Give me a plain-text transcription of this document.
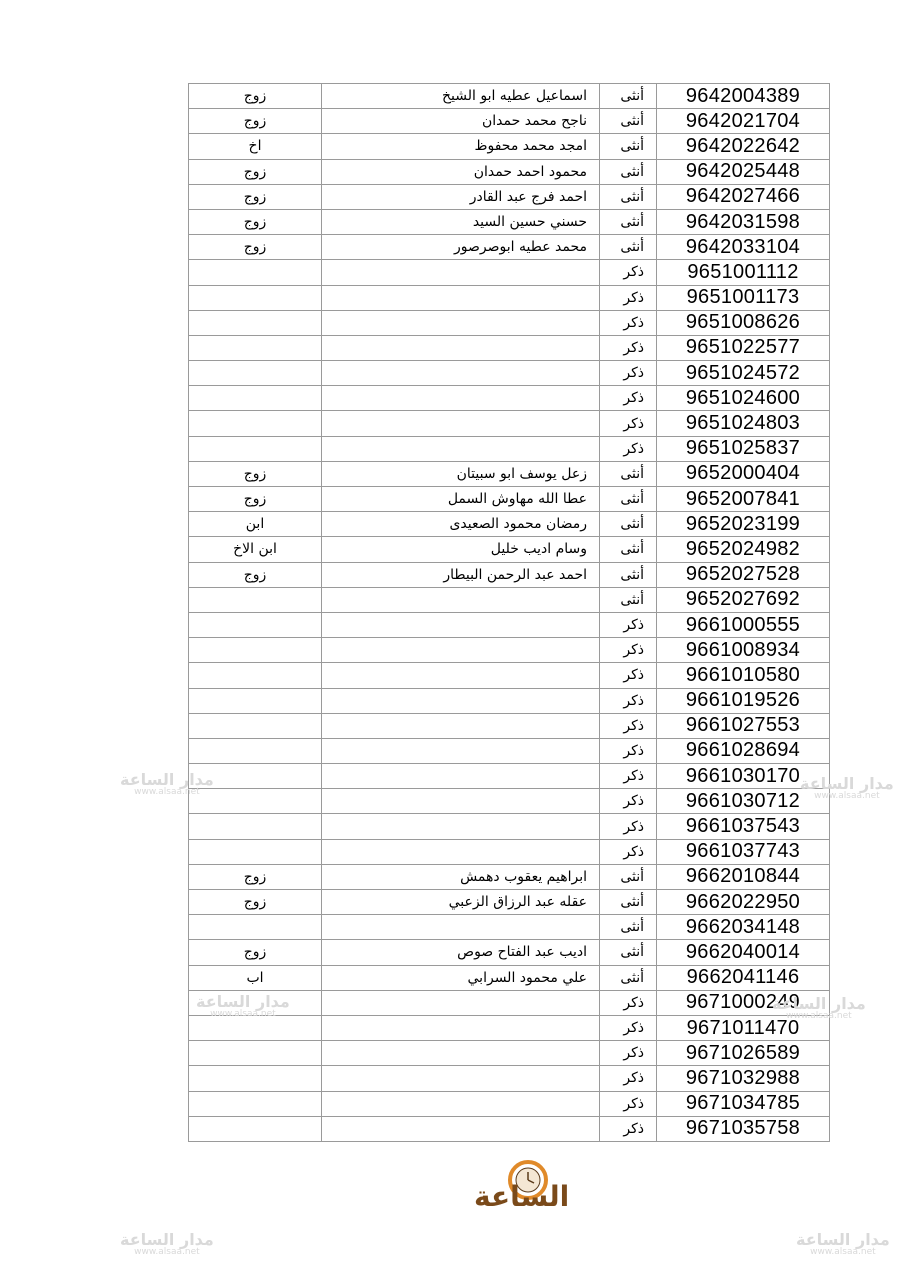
زوج	اسماعيل عطيه ابو الشيخ	أنثى	9642004389
زوج	ناجح محمد حمدان	أنثى	9642021704
اخ	امجد محمد محفوظ	أنثى	9642022642
زوج	محمود احمد حمدان	أنثى	9642025448
زوج	احمد فرج عبد القادر	أنثى	9642027466
زوج	حسني حسين السيد	أنثى	9642031598
زوج	محمد عطيه ابوصرصور	أنثى	9642033104
		ذكر	9651001112
		ذكر	9651001173
		ذكر	9651008626
		ذكر	9651022577
		ذكر	9651024572
		ذكر	9651024600
		ذكر	9651024803
		ذكر	9651025837
زوج	زعل يوسف ابو سبيتان	أنثى	9652000404
زوج	عطا الله مهاوش السمل	أنثى	9652007841
ابن	رمضان محمود الصعيدى	أنثى	9652023199
ابن الاخ	وسام اديب خليل	أنثى	9652024982
زوج	احمد عبد الرحمن البيطار	أنثى	9652027528
		أنثى	9652027692
		ذكر	9661000555
		ذكر	9661008934
		ذكر	9661010580
		ذكر	9661019526
		ذكر	9661027553
		ذكر	9661028694
		ذكر	9661030170
		ذكر	9661030712
		ذكر	9661037543
		ذكر	9661037743
زوج	ابراهيم يعقوب دهمش	أنثى	9662010844
زوج	عقله عبد الرزاق الزعبي	أنثى	9662022950
		أنثى	9662034148
زوج	اديب عبد الفتاح صوص	أنثى	9662040014
اب	علي محمود السرابي	أنثى	9662041146
		ذكر	9671000249
		ذكر	9671011470
		ذكر	9671026589
		ذكر	9671032988
		ذكر	9671034785
		ذكر	9671035758
مدار الساعة
www.alsaa.net	مدار الساعة
www.alsaa.net
مدار الساعة
www.alsaa.net
مدار الساعة
www.alsaa.net
مدار الساعة
www.alsaa.net
مدار الساعة
www.alsaa.net
الساعة
